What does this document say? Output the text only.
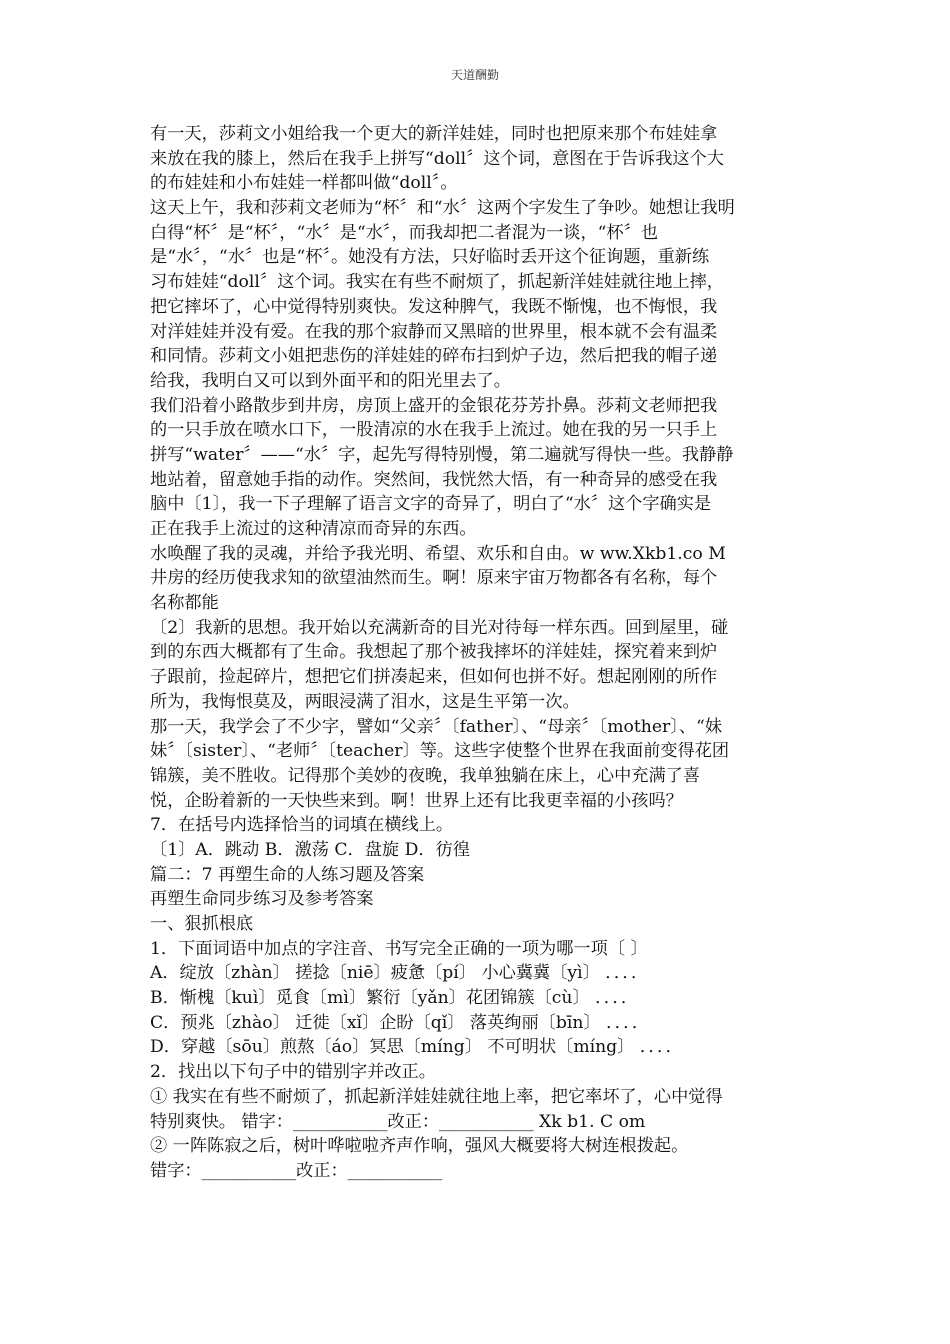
天道酬勤
有一天，莎莉文小姐给我一个更大的新洋娃娃，同时也把原来那个布娃娃拿
来放在我的膝上，然后在我手上拼写“doll〞这个词，意图在于告诉我这个大
的布娃娃和小布娃娃一样都叫做“doll〞。
这天上午，我和莎莉文老师为“杯〞和“水〞这两个字发生了争吵。她想让我明
白得“杯〞是“杯〞，“水〞是“水〞，而我却把二者混为一谈，“杯〞也
是“水〞，“水〞也是“杯〞。她没有方法，只好临时丢开这个征询题，重新练
习布娃娃“doll〞这个词。我实在有些不耐烦了，抓起新洋娃娃就往地上摔，
把它摔坏了，心中觉得特别爽快。发这种脾气，我既不惭愧，也不悔恨，我
对洋娃娃并没有爱。在我的那个寂静而又黑暗的世界里，根本就不会有温柔
和同情。莎莉文小姐把悲伤的洋娃娃的碎布扫到炉子边，然后把我的帽子递
给我，我明白又可以到外面平和的阳光里去了。
我们沿着小路散步到井房，房顶上盛开的金银花芬芳扑鼻。莎莉文老师把我
的一只手放在喷水口下，一股清凉的水在我手上流过。她在我的另一只手上
拼写“water〞——“水〞字，起先写得特别慢，第二遍就写得快一些。我静静
地站着，留意她手指的动作。突然间，我恍然大悟，有一种奇异的感受在我
脑中〔1〕，我一下子理解了语言文字的奇异了，明白了“水〞这个字确实是
正在我手上流过的这种清凉而奇异的东西。
水唤醒了我的灵魂，并给予我光明、希望、欢乐和自由。w ww.Xkb1.co M
井房的经历使我求知的欲望油然而生。啊！原来宇宙万物都各有名称，每个
名称都能
〔2〕我新的思想。我开始以充满新奇的目光对待每一样东西。回到屋里，碰
到的东西大概都有了生命。我想起了那个被我摔坏的洋娃娃，探究着来到炉
子跟前，捡起碎片，想把它们拼凑起来，但如何也拼不好。想起刚刚的所作
所为，我悔恨莫及，两眼浸满了泪水，这是生平第一次。
那一天，我学会了不少字，譬如“父亲〞〔father〕、“母亲〞〔mother〕、“妹
妹〞〔sister〕、“老师〞〔teacher〕等。这些字使整个世界在我面前变得花团
锦簇，美不胜收。记得那个美妙的夜晚，我单独躺在床上，心中充满了喜
悦，企盼着新的一天快些来到。啊！世界上还有比我更幸福的小孩吗？
7．在括号内选择恰当的词填在横线上。
〔1〕A．跳动 B．激荡 C．盘旋 D．彷徨
篇二：7 再塑生命的人练习题及答案
再塑生命同步练习及参考答案
一、狠抓根底
1．下面词语中加点的字注音、书写完全正确的一项为哪一项〔 〕
A．绽放〔zhàn〕 搓捻〔niē〕疲惫〔pí〕 小心冀冀〔yì〕 ．．．．
B．惭槐〔kuì〕觅食〔mì〕繁衍〔yǎn〕花团锦簇〔cù〕 ．．．．
C．预兆〔zhào〕 迁徙〔xǐ〕企盼〔qǐ〕 落英绚丽〔bīn〕 ．．．．
D．穿越〔sōu〕煎熬〔áo〕冥思〔míng〕 不可明状〔míng〕 ．．．．
2．找出以下句子中的错别字并改正。
① 我实在有些不耐烦了，抓起新洋娃娃就往地上率，把它率坏了，心中觉得
特别爽快。 错字：___________改正：___________ Xk b1. C om
② 一阵陈寂之后，树叶哗啦啦齐声作响，强风大概要将大树连根拨起。
错字：___________改正：___________
